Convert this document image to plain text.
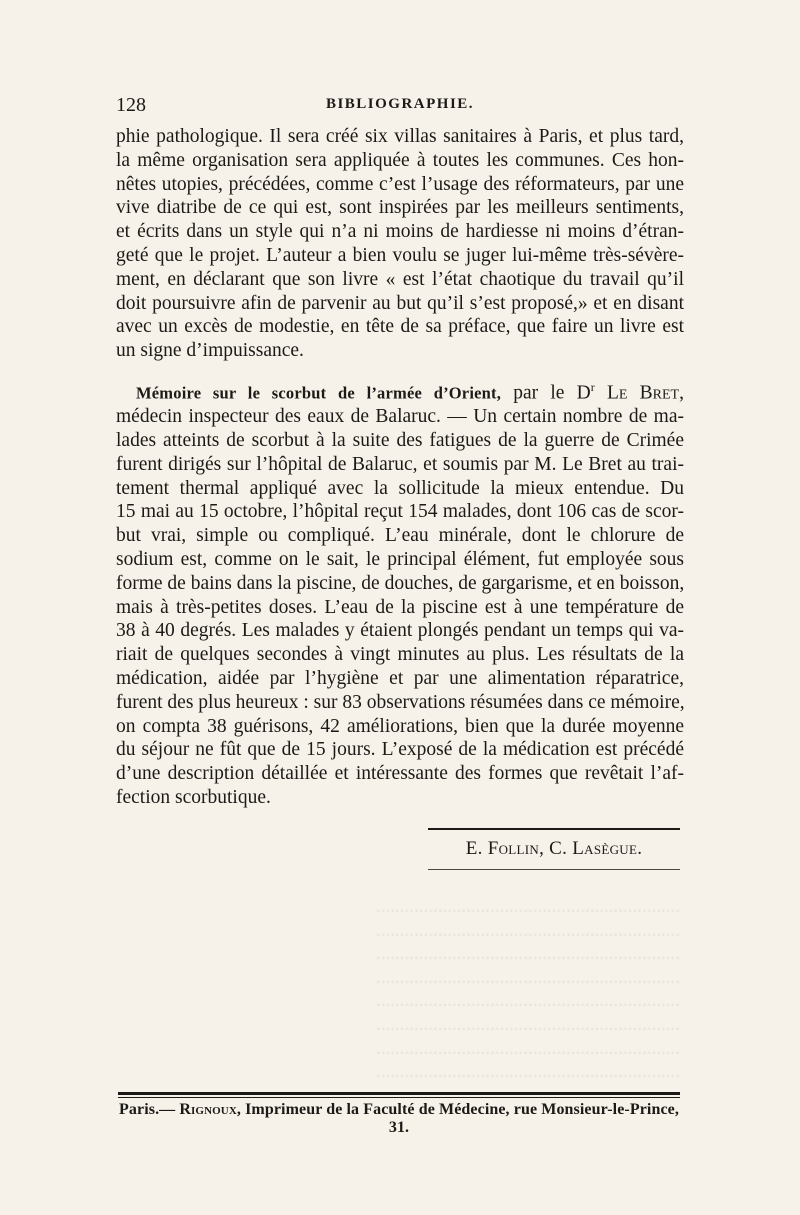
128	BIBLIOGRAPHIE.
phie pathologique. Il sera créé six villas sanitaires à Paris, et plus tard,
la même organisation sera appliquée à toutes les communes. Ces hon-
nêtes utopies, précédées, comme c’est l’usage des réformateurs, par une
vive diatribe de ce qui est, sont inspirées par les meilleurs sentiments,
et écrits dans un style qui n’a ni moins de hardiesse ni moins d’étran-
geté que le projet. L’auteur a bien voulu se juger lui-même très-sévère-
ment, en déclarant que son livre « est l’état chaotique du travail qu’il
doit poursuivre afin de parvenir au but qu’il s’est proposé,» et en disant
avec un excès de modestie, en tête de sa préface, que faire un livre est
un signe d’impuissance.
Mémoire sur le scorbut de l’armée d’Orient, par le $D^r$ Le Bret,
médecin inspecteur des eaux de Balaruc. — Un certain nombre de ma-
lades atteints de scorbut à la suite des fatigues de la guerre de Crimée
furent dirigés sur l’hôpital de Balaruc, et soumis par M. Le Bret au trai-
tement thermal appliqué avec la sollicitude la mieux entendue. Du
15 mai au 15 octobre, l’hôpital reçut 154 malades, dont 106 cas de scor-
but vrai, simple ou compliqué. L’eau minérale, dont le chlorure de
sodium est, comme on le sait, le principal élément, fut employée sous
forme de bains dans la piscine, de douches, de gargarisme, et en boisson,
mais à très-petites doses. L’eau de la piscine est à une température de
38 à 40 degrés. Les malades y étaient plongés pendant un temps qui va-
riait de quelques secondes à vingt minutes au plus. Les résultats de la
médication, aidée par l’hygiène et par une alimentation réparatrice,
furent des plus heureux : sur 83 observations résumées dans ce mémoire,
on compta 38 guérisons, 42 améliorations, bien que la durée moyenne
du séjour ne fût que de 15 jours. L’exposé de la médication est précédé
d’une description détaillée et intéressante des formes que revêtait l’af-
fection scorbutique.
E. Follin, C. Lasègue.
................................................................
................................................................
................................................................
................................................................
................................................................
................................................................
................................................................
................................................................
Paris.— Rignoux, Imprimeur de la Faculté de Médecine, rue Monsieur-le-Prince, 31.
